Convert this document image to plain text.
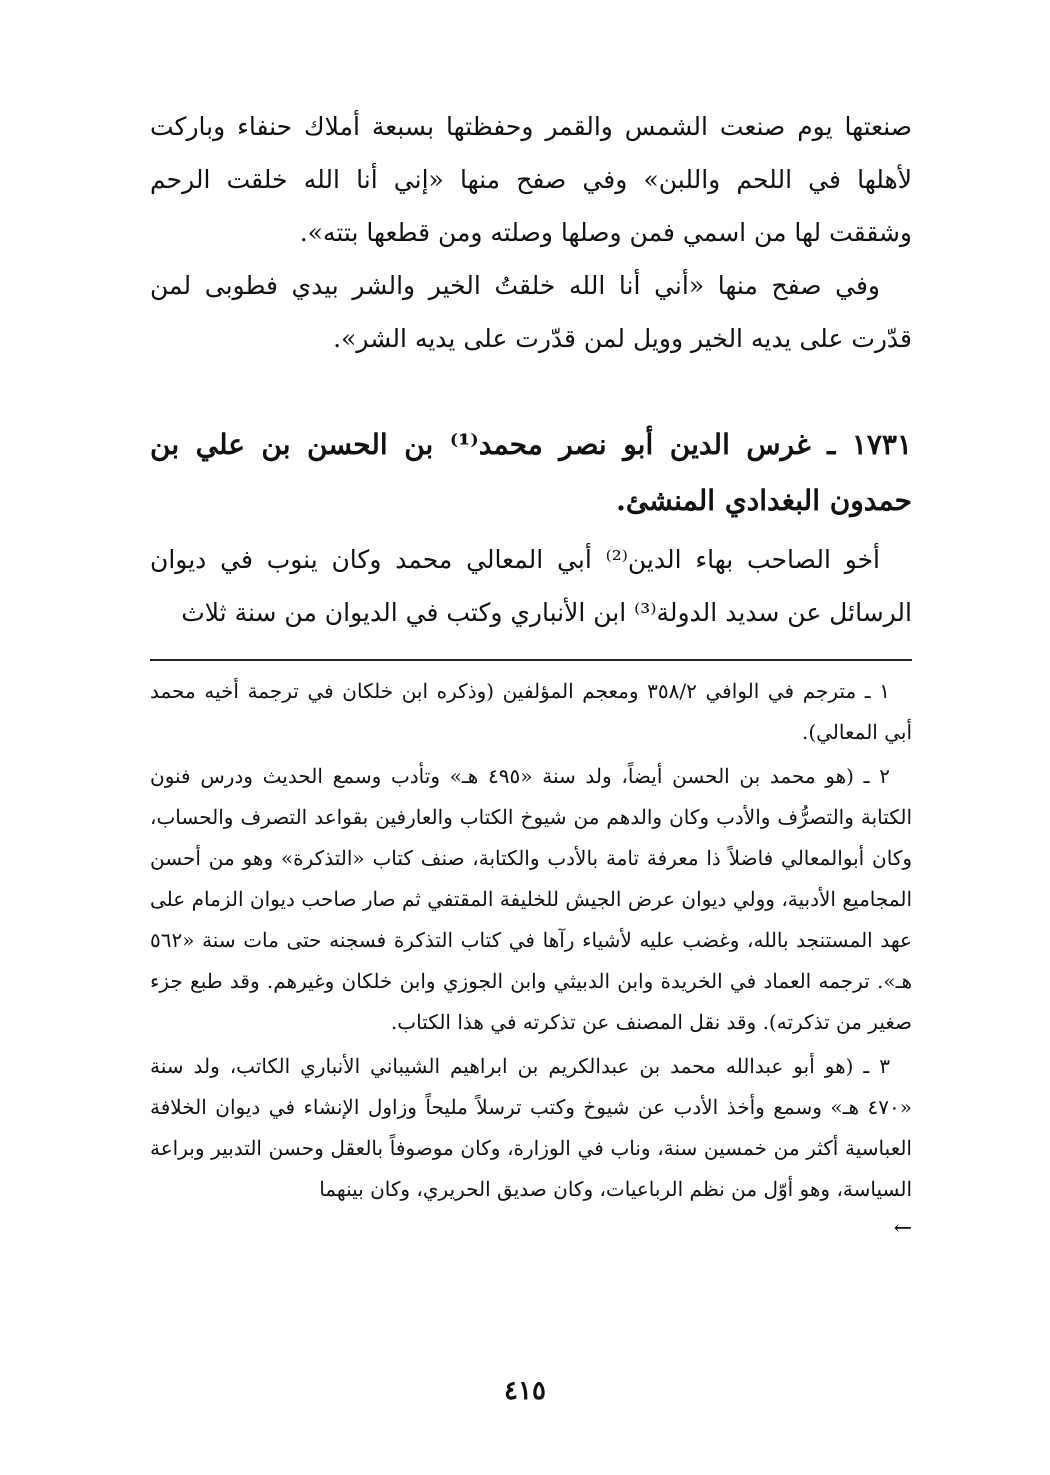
صنعتها يوم صنعت الشمس والقمر وحفظتها بسبعة أملاك حنفاء وباركت لأهلها في اللحم واللبن» وفي صفح منها «إني أنا الله خلقت الرحم وشققت لها من اسمي فمن وصلها وصلته ومن قطعها بتته».

وفي صفح منها «أني أنا الله خلقتُ الخير والشر بيدي فطوبى لمن قدّرت على يديه الخير وويل لمن قدّرت على يديه الشر».

١٧٣١ ـ غرس الدين أبو نصر محمد⁽¹⁾ بن الحسن بن علي بن حمدون البغدادي المنشئ.

أخو الصاحب بهاء الدين⁽²⁾ أبي المعالي محمد وكان ينوب في ديوان الرسائل عن سديد الدولة⁽³⁾ ابن الأنباري وكتب في الديوان من سنة ثلاث

١ ـ مترجم في الوافي ٣٥٨/٢ ومعجم المؤلفين (وذكره ابن خلكان في ترجمة أخيه محمد أبي المعالي).

٢ ـ (هو محمد بن الحسن أيضاً، ولد سنة «٤٩٥ هـ» وتأدب وسمع الحديث ودرس فنون الكتابة والتصرُّف والأدب وكان والدهم من شيوخ الكتاب والعارفين بقواعد التصرف والحساب، وكان أبوالمعالي فاضلاً ذا معرفة تامة بالأدب والكتابة، صنف كتاب «التذكرة» وهو من أحسن المجاميع الأدبية، وولي ديوان عرض الجيش للخليفة المقتفي ثم صار صاحب ديوان الزمام على عهد المستنجد بالله، وغضب عليه لأشياء رآها في كتاب التذكرة فسجنه حتى مات سنة «٥٦٢ هـ». ترجمه العماد في الخريدة وابن الدبيثي وابن الجوزي وابن خلكان وغيرهم. وقد طبع جزء صغير من تذكرته). وقد نقل المصنف عن تذكرته في هذا الكتاب.

٣ ـ (هو أبو عبدالله محمد بن عبدالكريم بن ابراهيم الشيباني الأنباري الكاتب، ولد سنة «٤٧٠ هـ» وسمع وأخذ الأدب عن شيوخ وكتب ترسلاً مليحاً وزاول الإنشاء في ديوان الخلافة العباسية أكثر من خمسين سنة، وناب في الوزارة، وكان موصوفاً بالعقل وحسن التدبير وبراعة السياسة، وهو أوّل من نظم الرباعيات، وكان صديق الحريري، وكان بينهما

←
٤١٥
